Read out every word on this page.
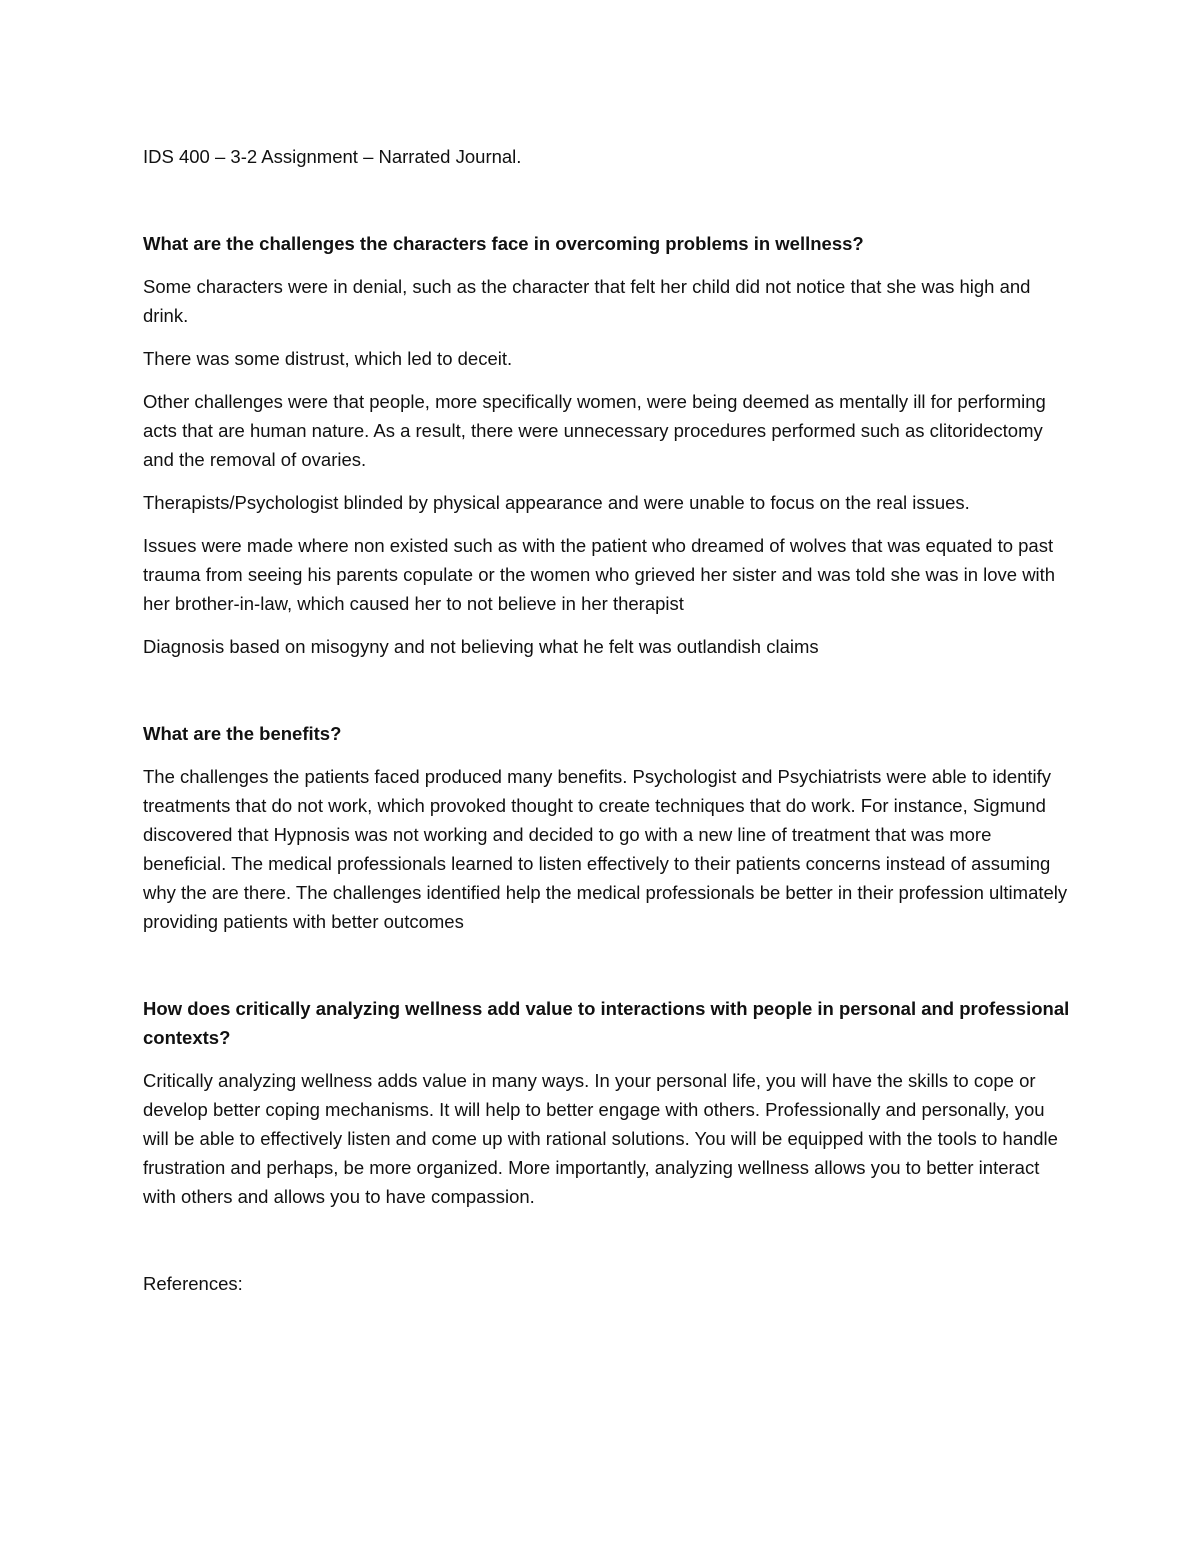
IDS 400 – 3-2 Assignment – Narrated Journal.

What are the challenges the characters face in overcoming problems in wellness?

Some characters were in denial, such as the character that felt her child did not notice that she was high and drink.

There was some distrust, which led to deceit.

Other challenges were that people, more specifically women, were being deemed as mentally ill for performing acts that are human nature. As a result, there were unnecessary procedures performed such as clitoridectomy and the removal of ovaries.

Therapists/Psychologist blinded by physical appearance and were unable to focus on the real issues.

Issues were made where non existed such as with the patient who dreamed of wolves that was equated to past trauma from seeing his parents copulate or the women who grieved her sister and was told she was in love with her brother-in-law, which caused her to not believe in her therapist

Diagnosis based on misogyny and not believing what he felt was outlandish claims

What are the benefits?

The challenges the patients faced produced many benefits. Psychologist and Psychiatrists were able to identify treatments that do not work, which provoked thought to create techniques that do work. For instance, Sigmund discovered that Hypnosis was not working and decided to go with a new line of treatment that was more beneficial. The medical professionals learned to listen effectively to their patients concerns instead of assuming why the are there. The challenges identified help the medical professionals be better in their profession ultimately providing patients with better outcomes

How does critically analyzing wellness add value to interactions with people in personal and professional contexts?

Critically analyzing wellness adds value in many ways. In your personal life, you will have the skills to cope or develop better coping mechanisms. It will help to better engage with others. Professionally and personally, you will be able to effectively listen and come up with rational solutions. You will be equipped with the tools to handle frustration and perhaps, be more organized. More importantly, analyzing wellness allows you to better interact with others and allows you to have compassion.

References:
